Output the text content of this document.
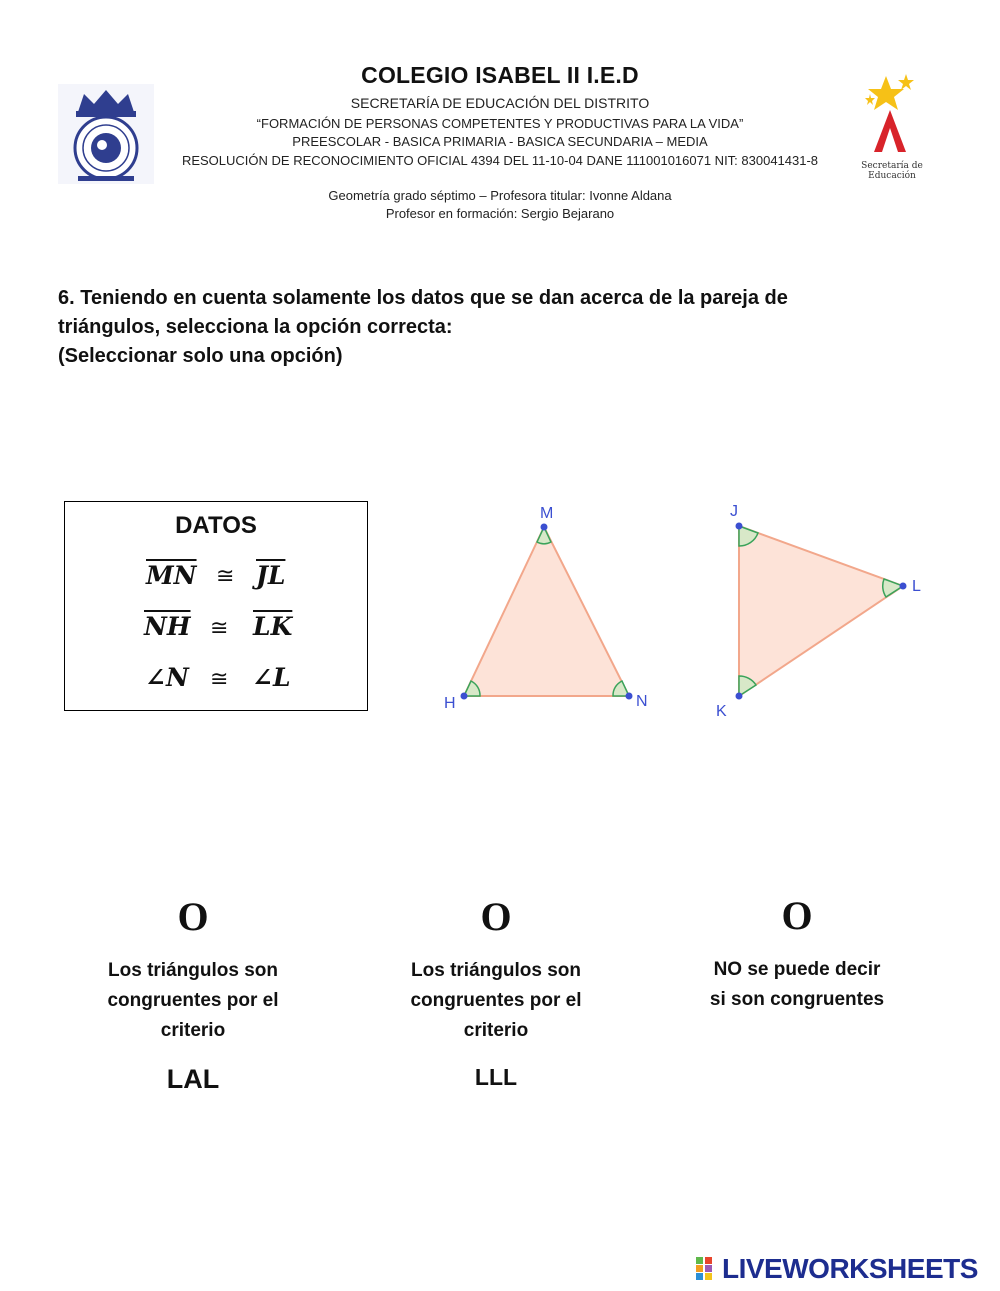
Secretaría de Educación
COLEGIO ISABEL II I.E.D
SECRETARÍA DE EDUCACIÓN DEL DISTRITO
“FORMACIÓN DE PERSONAS COMPETENTES Y PRODUCTIVAS PARA LA VIDA”
PREESCOLAR - BASICA PRIMARIA - BASICA SECUNDARIA – MEDIA
RESOLUCIÓN DE RECONOCIMIENTO OFICIAL 4394 DEL 11-10-04 DANE 111001016071 NIT: 830041431-8
Geometría grado séptimo – Profesora titular: Ivonne Aldana
Profesor en formación: Sergio Bejarano
6. Teniendo en cuenta solamente los datos que se dan acerca de la pareja de
triángulos, selecciona la opción correcta:
(Seleccionar solo una opción)
DATOS
$\overline{MN}$ ≅ $\overline{JL}$
$\overline{NH}$ ≅ $\overline{LK}$
∠N ≅ ∠L
M
H	N
J
L
K
O
Los triángulos son
congruentes por el
criterio
LAL
O
Los triángulos son
congruentes por el
criterio
LLL
O
NO se puede decir
si son congruentes
LIVEWORKSHEETS
